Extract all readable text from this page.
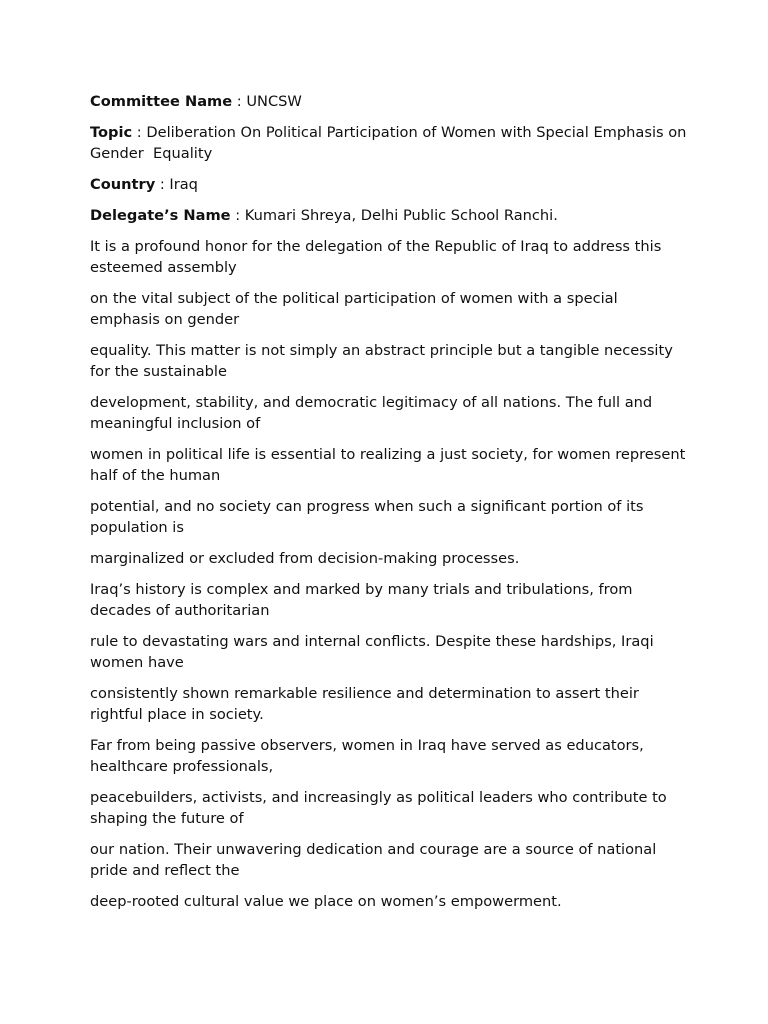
Committee Name : UNCSW

Topic : Deliberation On Political Participation of Women with Special Emphasis on Gender  Equality

Country : Iraq

Delegate’s Name : Kumari Shreya, Delhi Public School Ranchi.

It is a profound honor for the delegation of the Republic of Iraq to address this esteemed assembly

on the vital subject of the political participation of women with a special emphasis on gender

equality. This matter is not simply an abstract principle but a tangible necessity for the sustainable

development, stability, and democratic legitimacy of all nations. The full and meaningful inclusion of

women in political life is essential to realizing a just society, for women represent half of the human

potential, and no society can progress when such a significant portion of its population is

marginalized or excluded from decision-making processes.

Iraq’s history is complex and marked by many trials and tribulations, from decades of authoritarian

rule to devastating wars and internal conflicts. Despite these hardships, Iraqi women have

consistently shown remarkable resilience and determination to assert their rightful place in society.

Far from being passive observers, women in Iraq have served as educators, healthcare professionals,

peacebuilders, activists, and increasingly as political leaders who contribute to shaping the future of

our nation. Their unwavering dedication and courage are a source of national pride and reflect the

deep-rooted cultural value we place on women’s empowerment.
